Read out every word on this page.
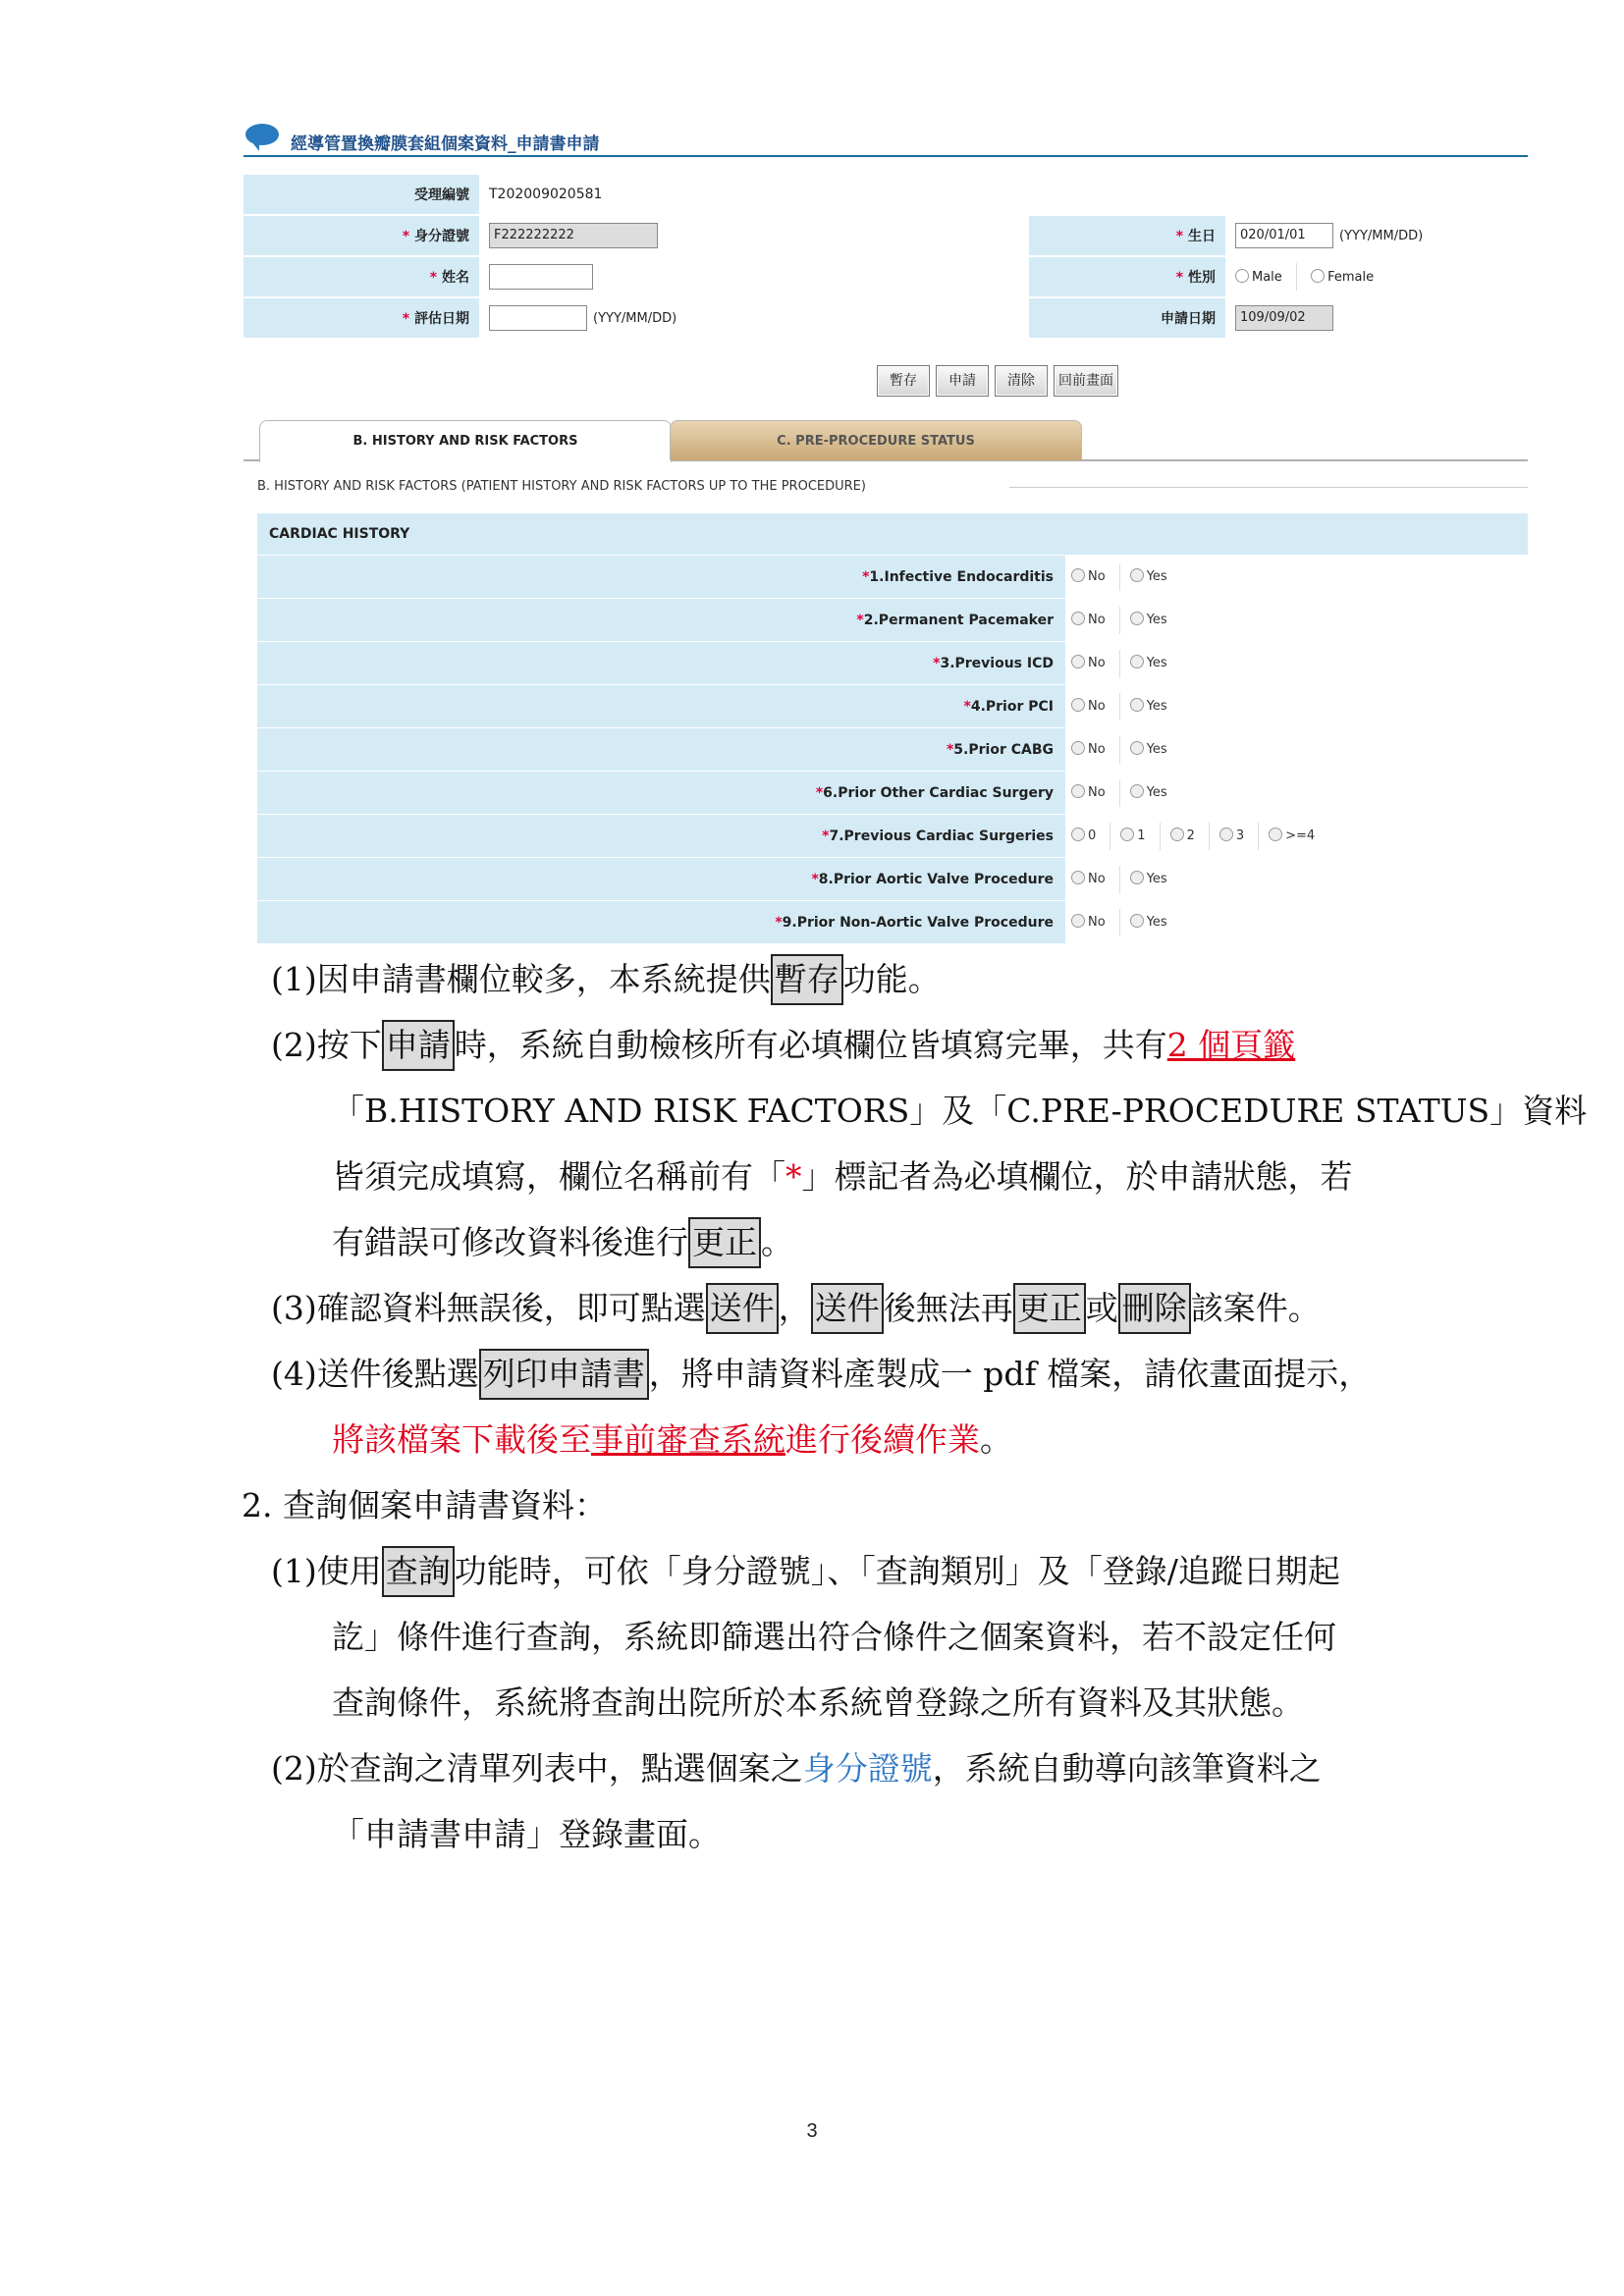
經導管置換瓣膜套組個案資料_申請書申請
受理編號	T202009020581		
* 身分證號	F222222222	* 生日	020/01/01 (YYY/MM/DD)
* 姓名		* 性別	Male Female
* 評估日期	(YYY/MM/DD)	申請日期	109/09/02
暫存 申請 清除 回前畫面
B. HISTORY AND RISK FACTORS	C. PRE-PROCEDURE STATUS
B. HISTORY AND RISK FACTORS (PATIENT HISTORY AND RISK FACTORS UP TO THE PROCEDURE)
CARDIAC HISTORY	
*1.Infective Endocarditis	No Yes
*2.Permanent Pacemaker	No Yes
*3.Previous ICD	No Yes
*4.Prior PCI	No Yes
*5.Prior CABG	No Yes
*6.Prior Other Cardiac Surgery	No Yes
*7.Previous Cardiac Surgeries	0 1 2 3 >=4
*8.Prior Aortic Valve Procedure	No Yes
*9.Prior Non-Aortic Valve Procedure	No Yes
(1)因申請書欄位較多，本系統提供 暫存 功能。
(2)按下 申請 時，系統自動檢核所有必填欄位皆填寫完畢，共有2 個頁籤
「B.HISTORY AND RISK FACTORS」及「C.PRE-PROCEDURE STATUS」資料
皆須完成填寫，欄位名稱前有「*」標記者為必填欄位，於申請狀態，若
有錯誤可修改資料後進行 更正 。
(3)確認資料無誤後，即可點選 送件 ， 送件 後無法再 更正 或 刪除 該案件。
(4)送件後點選 列印申請書 ，將申請資料產製成一 pdf 檔案，請依畫面提示，
將該檔案下載後至事前審查系統進行後續作業。
2. 查詢個案申請書資料：
(1)使用 查詢 功能時，可依「身分證號」、「查詢類別」及「登錄/追蹤日期起
訖」條件進行查詢，系統即篩選出符合條件之個案資料，若不設定任何
查詢條件，系統將查詢出院所於本系統曾登錄之所有資料及其狀態。
(2)於查詢之清單列表中，點選個案之身分證號，系統自動導向該筆資料之
「申請書申請」登錄畫面。
3
